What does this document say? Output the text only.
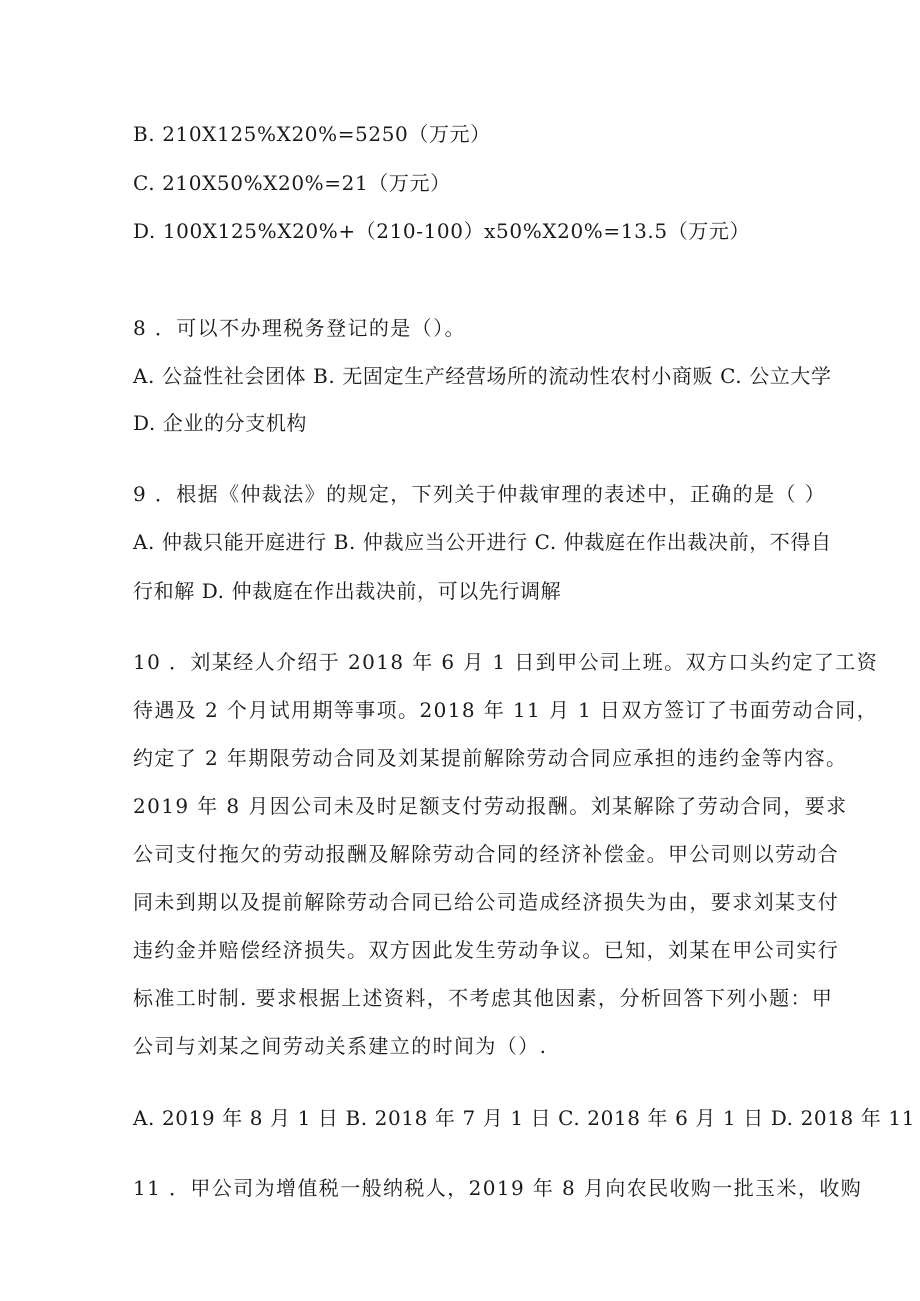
B. 210X125%X20%=5250（万元）
C. 210X50%X20%=21（万元）
D. 100X125%X20%+（210-100）x50%X20%=13.5（万元）
8 ．可以不办理税务登记的是（）。
A. 公益性社会团体 B. 无固定生产经营场所的流动性农村小商贩 C. 公立大学
D. 企业的分支机构
9 ．根据《仲裁法》的规定，下列关于仲裁审理的表述中，正确的是（ ）
A. 仲裁只能开庭进行 B. 仲裁应当公开进行 C. 仲裁庭在作出裁决前，不得自
行和解 D. 仲裁庭在作出裁决前，可以先行调解
10 ．刘某经人介绍于 2018 年 6 月 1 日到甲公司上班。双方口头约定了工资
待遇及 2 个月试用期等事项。2018 年 11 月 1 日双方签订了书面劳动合同，
约定了 2 年期限劳动合同及刘某提前解除劳动合同应承担的违约金等内容。
2019 年 8 月因公司未及时足额支付劳动报酬。刘某解除了劳动合同，要求
公司支付拖欠的劳动报酬及解除劳动合同的经济补偿金。甲公司则以劳动合
同未到期以及提前解除劳动合同已给公司造成经济损失为由，要求刘某支付
违约金并赔偿经济损失。双方因此发生劳动争议。已知，刘某在甲公司实行
标准工时制. 要求根据上述资料，不考虑其他因素，分析回答下列小题：甲
公司与刘某之间劳动关系建立的时间为（）.
A. 2019 年 8 月 1 日 B. 2018 年 7 月 1 日 C. 2018 年 6 月 1 日 D. 2018 年 11
11 ．甲公司为增值税一般纳税人，2019 年 8 月向农民收购一批玉米，收购
